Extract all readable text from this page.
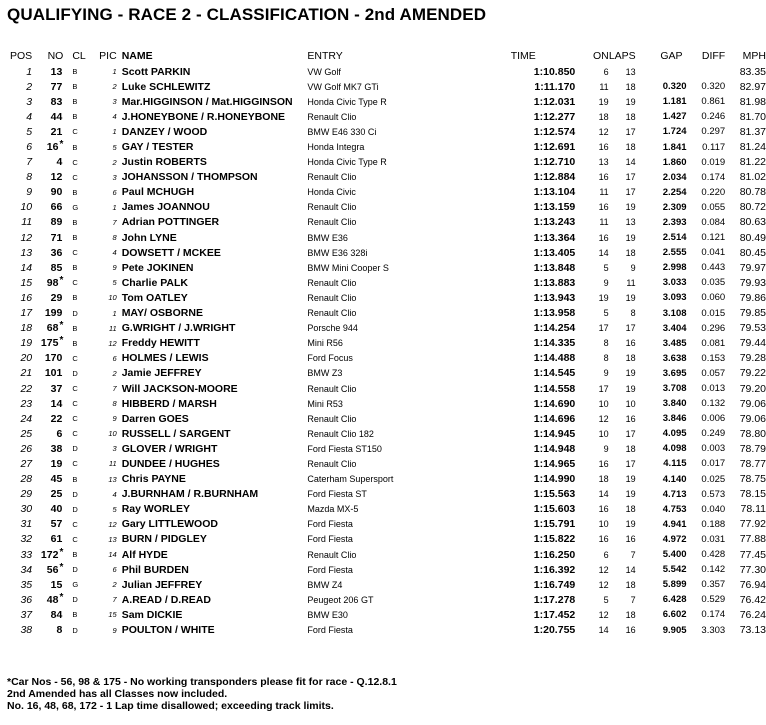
QUALIFYING - RACE 2 - CLASSIFICATION - 2nd AMENDED
POS	NO	CL	PIC	NAME	ENTRY	TIME	ON	LAPS	GAP	DIFF	MPH
1	13	B	1	Scott PARKIN	VW Golf	1:10.850	6	13			83.35
2	77	B	2	Luke SCHLEWITZ	VW Golf MK7 GTi	1:11.170	11	18	0.320	0.320	82.97
3	83	B	3	Mar.HIGGINSON / Mat.HIGGINSON	Honda Civic Type R	1:12.031	19	19	1.181	0.861	81.98
4	44	B	4	J.HONEYBONE / R.HONEYBONE	Renault Clio	1:12.277	18	18	1.427	0.246	81.70
5	21	C	1	DANZEY / WOOD	BMW E46 330 Ci	1:12.574	12	17	1.724	0.297	81.37
6	16*	B	5	GAY / TESTER	Honda Integra	1:12.691	16	18	1.841	0.117	81.24
7	4	C	2	Justin ROBERTS	Honda Civic Type R	1:12.710	13	14	1.860	0.019	81.22
8	12	C	3	JOHANSSON / THOMPSON	Renault Clio	1:12.884	16	17	2.034	0.174	81.02
9	90	B	6	Paul MCHUGH	Honda Civic	1:13.104	11	17	2.254	0.220	80.78
10	66	G	1	James JOANNOU	Renault Clio	1:13.159	16	19	2.309	0.055	80.72
11	89	B	7	Adrian POTTINGER	Renault Clio	1:13.243	11	13	2.393	0.084	80.63
12	71	B	8	John LYNE	BMW E36	1:13.364	16	19	2.514	0.121	80.49
13	36	C	4	DOWSETT / MCKEE	BMW E36 328i	1:13.405	14	18	2.555	0.041	80.45
14	85	B	9	Pete JOKINEN	BMW Mini Cooper S	1:13.848	5	9	2.998	0.443	79.97
15	98*	C	5	Charlie PALK	Renault Clio	1:13.883	9	11	3.033	0.035	79.93
16	29	B	10	Tom OATLEY	Renault Clio	1:13.943	19	19	3.093	0.060	79.86
17	199	D	1	MAY/ OSBORNE	Renault Clio	1:13.958	5	8	3.108	0.015	79.85
18	68*	B	11	G.WRIGHT / J.WRIGHT	Porsche 944	1:14.254	17	17	3.404	0.296	79.53
19	175*	B	12	Freddy HEWITT	Mini R56	1:14.335	8	16	3.485	0.081	79.44
20	170	C	6	HOLMES / LEWIS	Ford Focus	1:14.488	8	18	3.638	0.153	79.28
21	101	D	2	Jamie JEFFREY	BMW Z3	1:14.545	9	19	3.695	0.057	79.22
22	37	C	7	Will JACKSON-MOORE	Renault Clio	1:14.558	17	19	3.708	0.013	79.20
23	14	C	8	HIBBERD / MARSH	Mini R53	1:14.690	10	10	3.840	0.132	79.06
24	22	C	9	Darren GOES	Renault Clio	1:14.696	12	16	3.846	0.006	79.06
25	6	C	10	RUSSELL / SARGENT	Renault Clio 182	1:14.945	10	17	4.095	0.249	78.80
26	38	D	3	GLOVER / WRIGHT	Ford Fiesta ST150	1:14.948	9	18	4.098	0.003	78.79
27	19	C	11	DUNDEE / HUGHES	Renault Clio	1:14.965	16	17	4.115	0.017	78.77
28	45	B	13	Chris PAYNE	Caterham Supersport	1:14.990	18	19	4.140	0.025	78.75
29	25	D	4	J.BURNHAM / R.BURNHAM	Ford Fiesta ST	1:15.563	14	19	4.713	0.573	78.15
30	40	D	5	Ray WORLEY	Mazda MX-5	1:15.603	16	18	4.753	0.040	78.11
31	57	C	12	Gary LITTLEWOOD	Ford Fiesta	1:15.791	10	19	4.941	0.188	77.92
32	61	C	13	BURN / PIDGLEY	Ford Fiesta	1:15.822	16	16	4.972	0.031	77.88
33	172*	B	14	Alf HYDE	Renault Clio	1:16.250	6	7	5.400	0.428	77.45
34	56*	D	6	Phil BURDEN	Ford Fiesta	1:16.392	12	14	5.542	0.142	77.30
35	15	G	2	Julian JEFFREY	BMW Z4	1:16.749	12	18	5.899	0.357	76.94
36	48*	D	7	A.READ / D.READ	Peugeot 206 GT	1:17.278	5	7	6.428	0.529	76.42
37	84	B	15	Sam DICKIE	BMW E30	1:17.452	12	18	6.602	0.174	76.24
38	8	D	9	POULTON / WHITE	Ford Fiesta	1:20.755	14	16	9.905	3.303	73.13
*Car Nos - 56, 98 & 175 - No working transponders please fit for race - Q.12.8.1
2nd Amended has all Classes now included.
No. 16, 48, 68, 172 - 1 Lap time disallowed; exceeding track limits.
